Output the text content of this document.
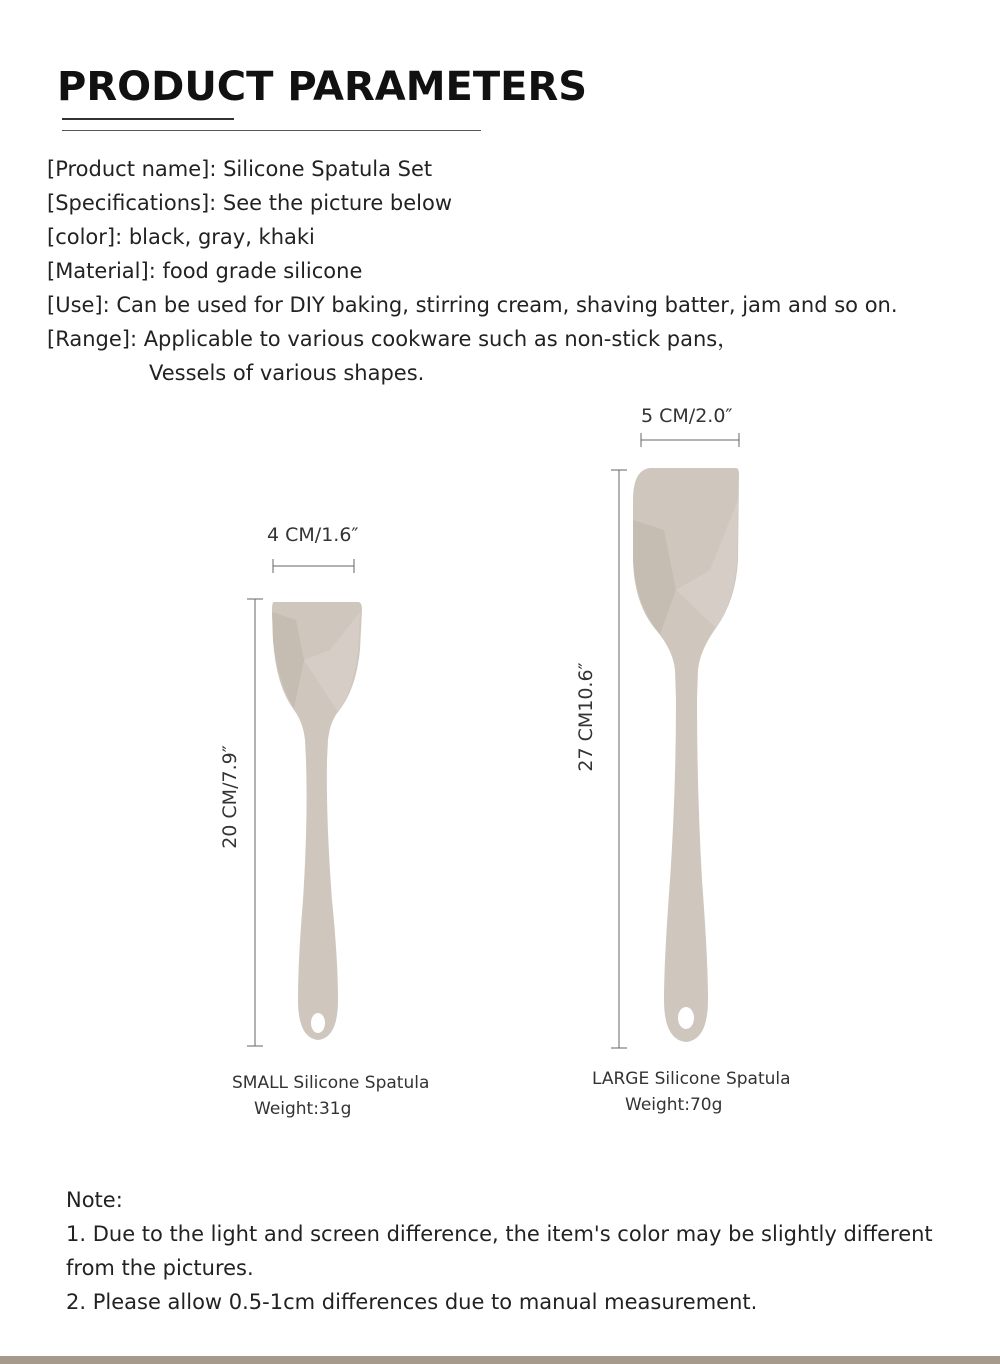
PRODUCT PARAMETERS
[Product name]: Silicone Spatula Set
[Specifications]: See the picture below
[color]: black, gray, khaki
[Material]: food grade silicone
[Use]: Can be used for DIY baking, stirring cream, shaving batter, jam and so on.
[Range]: Applicable to various cookware such as non-stick pans，
Vessels of various shapes.
4 CM/1.6″
20 CM/7.9″
5 CM/2.0″
27 CM10.6″
SMALL Silicone Spatula
Weight:31g
LARGE Silicone Spatula
Weight:70g
Note:
1. Due to the light and screen difference, the item's color may be slightly different from the pictures.
2. Please allow 0.5-1cm differences due to manual measurement.
